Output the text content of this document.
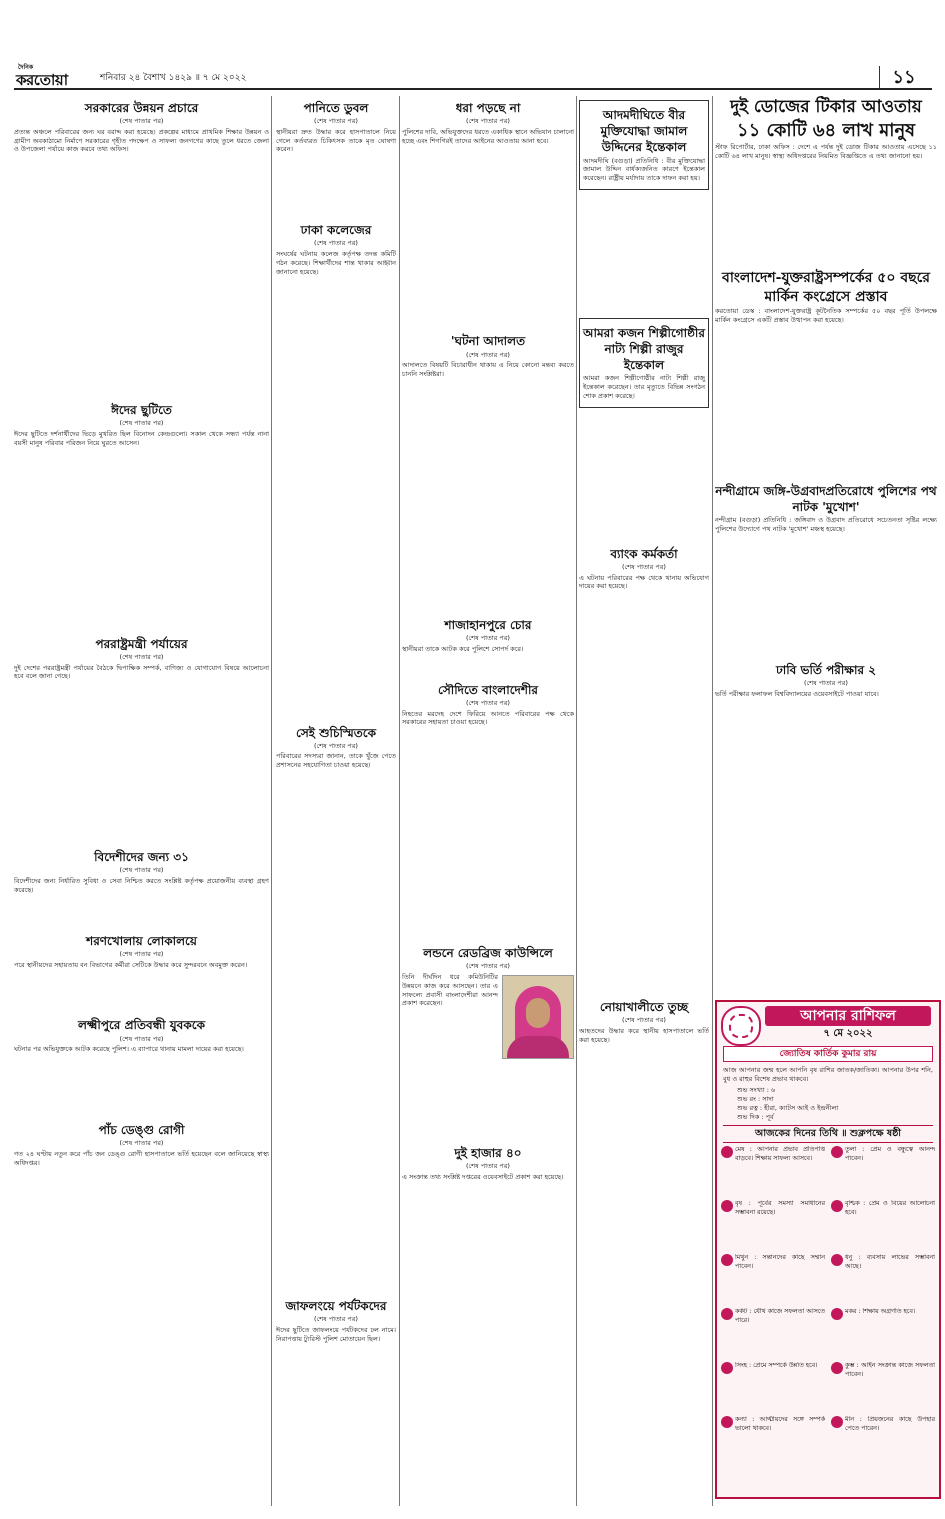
দৈনিক
করতোয়া	শনিবার ২৪ বৈশাখ ১৪২৯ ॥ ৭ মে ২০২২	১১
সরকারের উন্নয়ন প্রচারে
(শেষ পাতার পর)

প্রত্যন্ত অঞ্চলে পরিবারের জন্য ঘর বরাদ্দ করা হয়েছে। প্রকল্পের মাধ্যমে প্রাথমিক শিক্ষার উন্নয়ন ও গ্রামীণ অবকাঠামো নির্মাণে সরকারের গৃহীত পদক্ষেপ ও সাফল্য জনগণের কাছে তুলে ধরতে জেলা ও উপজেলা পর্যায়ে কাজ করবে তথ্য অফিস।

ঈদের ছুটিতে
(শেষ পাতার পর)

ঈদের ছুটিতে দর্শনার্থীদের ভিড়ে মুখরিত ছিল বিনোদন কেন্দ্রগুলো। সকাল থেকে সন্ধ্যা পর্যন্ত নানা বয়সী মানুষ পরিবার পরিজন নিয়ে ঘুরতে আসেন।

পররাষ্ট্রমন্ত্রী পর্যায়ের
(শেষ পাতার পর)

দুই দেশের পররাষ্ট্রমন্ত্রী পর্যায়ের বৈঠকে দ্বিপাক্ষিক সম্পর্ক, বাণিজ্য ও যোগাযোগ বিষয়ে আলোচনা হবে বলে জানা গেছে।

বিদেশীদের জন্য ৩১
(শেষ পাতার পর)

বিদেশীদের জন্য নির্ধারিত সুবিধা ও সেবা নিশ্চিত করতে সংশ্লিষ্ট কর্তৃপক্ষ প্রয়োজনীয় ব্যবস্থা গ্রহণ করেছে।

শরণখোলায় লোকালয়ে
(শেষ পাতার পর)

পরে স্থানীয়দের সহায়তায় বন বিভাগের কর্মীরা সেটিকে উদ্ধার করে সুন্দরবনে অবমুক্ত করেন।

লক্ষ্মীপুরে প্রতিবন্ধী যুবককে
(শেষ পাতার পর)

ঘটনার পর অভিযুক্তকে আটক করেছে পুলিশ। এ ব্যাপারে থানায় মামলা দায়ের করা হয়েছে।

পাঁচ ডেঙ্গু রোগী
(শেষ পাতার পর)

গত ২৪ ঘণ্টায় নতুন করে পাঁচ জন ডেঙ্গু রোগী হাসপাতালে ভর্তি হয়েছেন বলে জানিয়েছে স্বাস্থ্য অধিদপ্তর।

পানিতে ডুবল
(শেষ পাতার পর)

স্থানীয়রা দ্রুত উদ্ধার করে হাসপাতালে নিয়ে গেলে কর্তব্যরত চিকিৎসক তাকে মৃত ঘোষণা করেন।

ঢাকা কলেজের
(শেষ পাতার পর)

সংঘর্ষের ঘটনায় কলেজ কর্তৃপক্ষ তদন্ত কমিটি গঠন করেছে। শিক্ষার্থীদের শান্ত থাকার আহ্বান জানানো হয়েছে।

সেই শুচিস্মিতকে
(শেষ পাতার পর)

পরিবারের সদস্যরা জানান, তাকে খুঁজে পেতে প্রশাসনের সহযোগিতা চাওয়া হয়েছে।

জাফলংয়ে পর্যটকদের
(শেষ পাতার পর)

ঈদের ছুটিতে জাফলংয়ে পর্যটকদের ঢল নামে। নিরাপত্তায় ট্যুরিস্ট পুলিশ মোতায়েন ছিল।

ধরা পড়ছে না
(শেষ পাতার পর)

পুলিশের দাবি, অভিযুক্তদের ধরতে একাধিক স্থানে অভিযান চালানো হচ্ছে এবং শিগগিরই তাদের আইনের আওতায় আনা হবে।

'ঘটনা আদালত
(শেষ পাতার পর)

আদালতে বিষয়টি বিচারাধীন থাকায় এ নিয়ে কোনো মন্তব্য করতে চাননি সংশ্লিষ্টরা।

শাজাহানপুরে চোর
(শেষ পাতার পর)

স্থানীয়রা তাকে আটক করে পুলিশে সোপর্দ করে।

সৌদিতে বাংলাদেশীর
(শেষ পাতার পর)

নিহতের মরদেহ দেশে ফিরিয়ে আনতে পরিবারের পক্ষ থেকে সরকারের সহায়তা চাওয়া হয়েছে।

লন্ডনে রেডব্রিজ কাউন্সিলে
(শেষ পাতার পর)

তিনি দীর্ঘদিন ধরে কমিউনিটির উন্নয়নে কাজ করে আসছেন। তার এ সাফল্যে প্রবাসী বাংলাদেশীরা আনন্দ প্রকাশ করেছেন।

দুই হাজার ৪০
(শেষ পাতার পর)

এ সংক্রান্ত তথ্য সংশ্লিষ্ট দপ্তরের ওয়েবসাইটে প্রকাশ করা হয়েছে।

আদমদীঘিতে বীর মুক্তিযোদ্ধা জামাল উদ্দিনের ইন্তেকাল

আদমদীঘি (বগুড়া) প্রতিনিধি : বীর মুক্তিযোদ্ধা জামাল উদ্দিন বার্ধক্যজনিত কারণে ইন্তেকাল করেছেন। রাষ্ট্রীয় মর্যাদায় তাকে দাফন করা হয়।

আমরা কজন শিল্পীগোষ্ঠীর নাট্য শিল্পী রাজুর ইন্তেকাল

আমরা কজন শিল্পীগোষ্ঠীর নাট্য শিল্পী রাজু ইন্তেকাল করেছেন। তার মৃত্যুতে বিভিন্ন সংগঠন শোক প্রকাশ করেছে।

ব্যাংক কর্মকর্তা
(শেষ পাতার পর)

এ ঘটনায় পরিবারের পক্ষ থেকে থানায় অভিযোগ দায়ের করা হয়েছে।

নোয়াখালীতে তুচ্ছ
(শেষ পাতার পর)

আহতদের উদ্ধার করে স্থানীয় হাসপাতালে ভর্তি করা হয়েছে।

দুই ডোজের টিকার আওতায়
১১ কোটি ৬৪ লাখ মানুষ

স্টাফ রিপোর্টার, ঢাকা অফিস : দেশে এ পর্যন্ত দুই ডোজ টিকার আওতায় এসেছে ১১ কোটি ৬৪ লাখ মানুষ। স্বাস্থ্য অধিদপ্তরের নিয়মিত বিজ্ঞপ্তিতে এ তথ্য জানানো হয়।

বাংলাদেশ-যুক্তরাষ্ট্রসম্পর্কের ৫০ বছরে মার্কিন কংগ্রেসে প্রস্তাব

করতোয়া ডেস্ক : বাংলাদেশ-যুক্তরাষ্ট্র কূটনৈতিক সম্পর্কের ৫০ বছর পূর্তি উপলক্ষে মার্কিন কংগ্রেসে একটি প্রস্তাব উত্থাপন করা হয়েছে।

নন্দীগ্রামে জঙ্গি-উগ্রবাদপ্রতিরোধে পুলিশের পথ নাটক 'মুখোশ'

নন্দীগ্রাম (বগুড়া) প্রতিনিধি : জঙ্গিবাদ ও উগ্রবাদ প্রতিরোধে সচেতনতা সৃষ্টির লক্ষ্যে পুলিশের উদ্যোগে পথ নাটক 'মুখোশ' মঞ্চস্থ হয়েছে।

ঢাবি ভর্তি পরীক্ষার ২
(শেষ পাতার পর)

ভর্তি পরীক্ষার ফলাফল বিশ্ববিদ্যালয়ের ওয়েবসাইটে পাওয়া যাবে।

আপনার রাশিফল
৭ মে ২০২২
জ্যোতিষ কার্তিক কুমার রায়
আজ আপনার জন্ম হলে আপনি বৃষ রাশির জাতক/জাতিকা। আপনার উপর শনি, বুধ ও রাহুর বিশেষ প্রভাব থাকবে।
শুভ সংখ্যা : ৬
শুভ রং : সাদা
শুভ রত্ন : হীরা, ক্যাটস আই ও ইন্দ্রনীলা
শুভ দিক : পূর্ব
আজকের দিনের তিথি ॥ শুক্লপক্ষে ষষ্ঠী
মেষ : আপনার প্রভাব প্রতিপত্তি বাড়বে। শিক্ষায় সাফল্য আসবে।
বৃষ : পূর্বের সমস্যা সমাধানের সম্ভাবনা রয়েছে।
মিথুন : সন্তানদের কাছে সম্মান পাবেন।
কর্কট : যৌথ কাজে সফলতা আসতে পারে।
সিংহ : প্রেমে সম্পর্কে উন্নতি হবে।
কন্যা : আত্মীয়দের সঙ্গে সম্পর্ক ভালো থাকবে।
তুলা : প্রেম ও বন্ধুত্বে আনন্দ পাবেন।
বৃশ্চিক : প্রেম ও বিয়ের আলোচনা হবে।
ধনু : ব্যবসায় লাভের সম্ভাবনা আছে।
মকর : শিক্ষায় অগ্রগতি হবে।
কুম্ভ : আইন সংক্রান্ত কাজে সফলতা পাবেন।
মীন : প্রিয়জনের কাছে উপহার পেতে পারেন।
